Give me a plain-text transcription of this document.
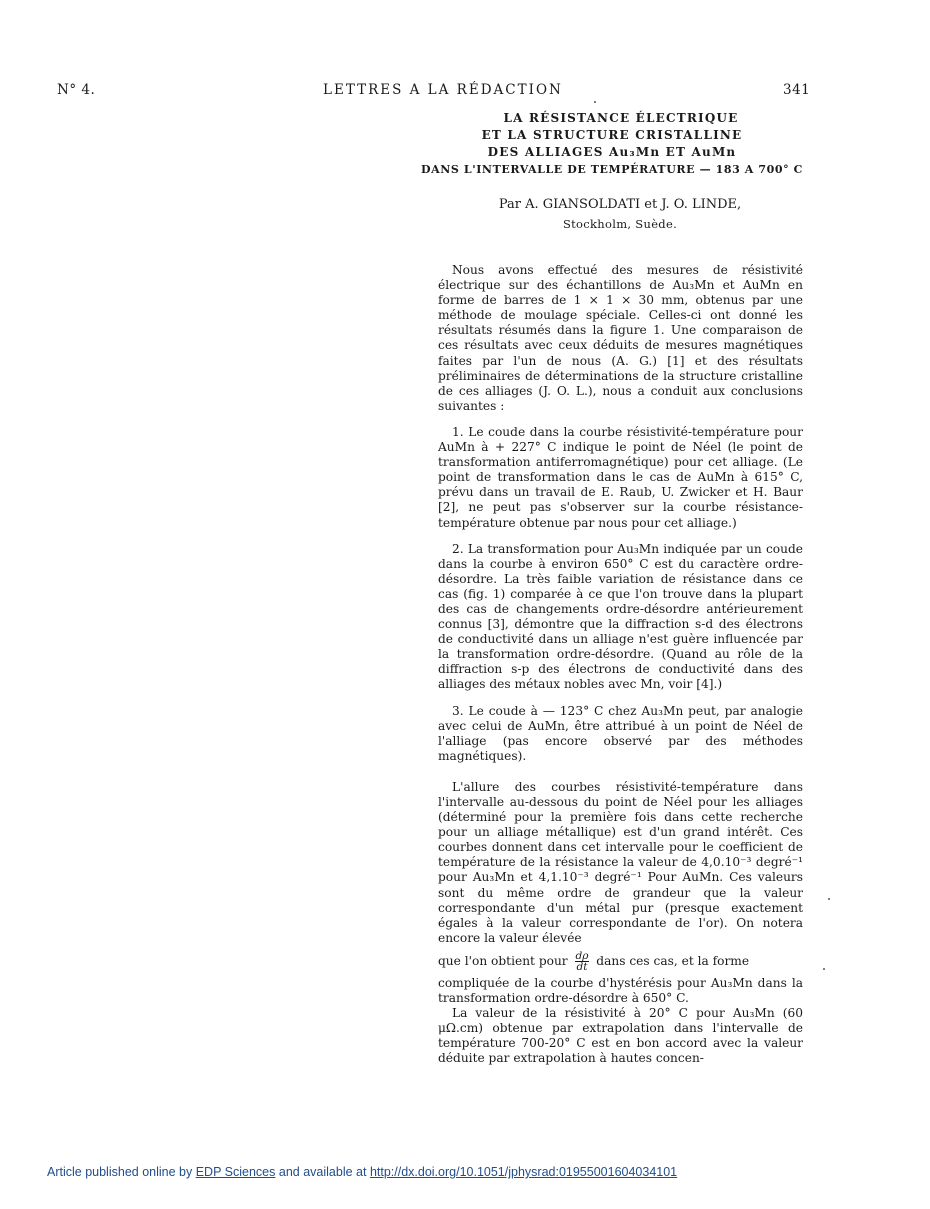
N° 4.	LETTRES A LA RÉDACTION	341
LA RÉSISTANCE ÉLECTRIQUE
ET LA STRUCTURE CRISTALLINE
DES ALLIAGES Au₃Mn ET AuMn
DANS L'INTERVALLE DE TEMPÉRATURE — 183 A 700° C
Par A. GIANSOLDATI et J. O. LINDE,
Stockholm, Suède.

Nous avons effectué des mesures de résistivité électrique sur des échantillons de Au₃Mn et AuMn en forme de barres de 1 × 1 × 30 mm, obtenus par une méthode de moulage spéciale. Celles-ci ont donné les résultats résumés dans la figure 1. Une comparaison de ces résultats avec ceux déduits de mesures magnétiques faites par l'un de nous (A. G.) [1] et des résultats préliminaires de déterminations de la structure cristalline de ces alliages (J. O. L.), nous a conduit aux conclusions suivantes :

1. Le coude dans la courbe résistivité-température pour AuMn à + 227° C indique le point de Néel (le point de transformation antiferromagnétique) pour cet alliage. (Le point de transformation dans le cas de AuMn à 615° C, prévu dans un travail de E. Raub, U. Zwicker et H. Baur [2], ne peut pas s'observer sur la courbe résistance-température obtenue par nous pour cet alliage.)

2. La transformation pour Au₃Mn indiquée par un coude dans la courbe à environ 650° C est du caractère ordre-désordre. La très faible variation de résistance dans ce cas (fig. 1) comparée à ce que l'on trouve dans la plupart des cas de changements ordre-désordre antérieurement connus [3], démontre que la diffraction s-d des électrons de conductivité dans un alliage n'est guère influencée par la transformation ordre-désordre. (Quand au rôle de la diffraction s-p des électrons de conductivité dans des alliages des métaux nobles avec Mn, voir [4].)

3. Le coude à — 123° C chez Au₃Mn peut, par analogie avec celui de AuMn, être attribué à un point de Néel de l'alliage (pas encore observé par des méthodes magnétiques).

L'allure des courbes résistivité-température dans l'intervalle au-dessous du point de Néel pour les alliages (déterminé pour la première fois dans cette recherche pour un alliage métallique) est d'un grand intérêt. Ces courbes donnent dans cet intervalle pour le coefficient de température de la résistance la valeur de 4,0.10⁻³ degré⁻¹ pour Au₃Mn et 4,1.10⁻³ degré⁻¹ Pour AuMn. Ces valeurs sont du même ordre de grandeur que la valeur correspondante d'un métal pur (presque exactement égales à la valeur correspondante de l'or). On notera encore la valeur élevée

que l'on obtient pour $\frac{d\rho}{dt}$ dans ces cas, et la forme

compliquée de la courbe d'hystérésis pour Au₃Mn dans la transformation ordre-désordre à 650° C.

La valeur de la résistivité à 20° C pour Au₃Mn (60 μΩ.cm) obtenue par extrapolation dans l'intervalle de température 700-20° C est en bon accord avec la valeur déduite par extrapolation à hautes concen-

Article published online by EDP Sciences and available at http://dx.doi.org/10.1051/jphysrad:01955001604034101
